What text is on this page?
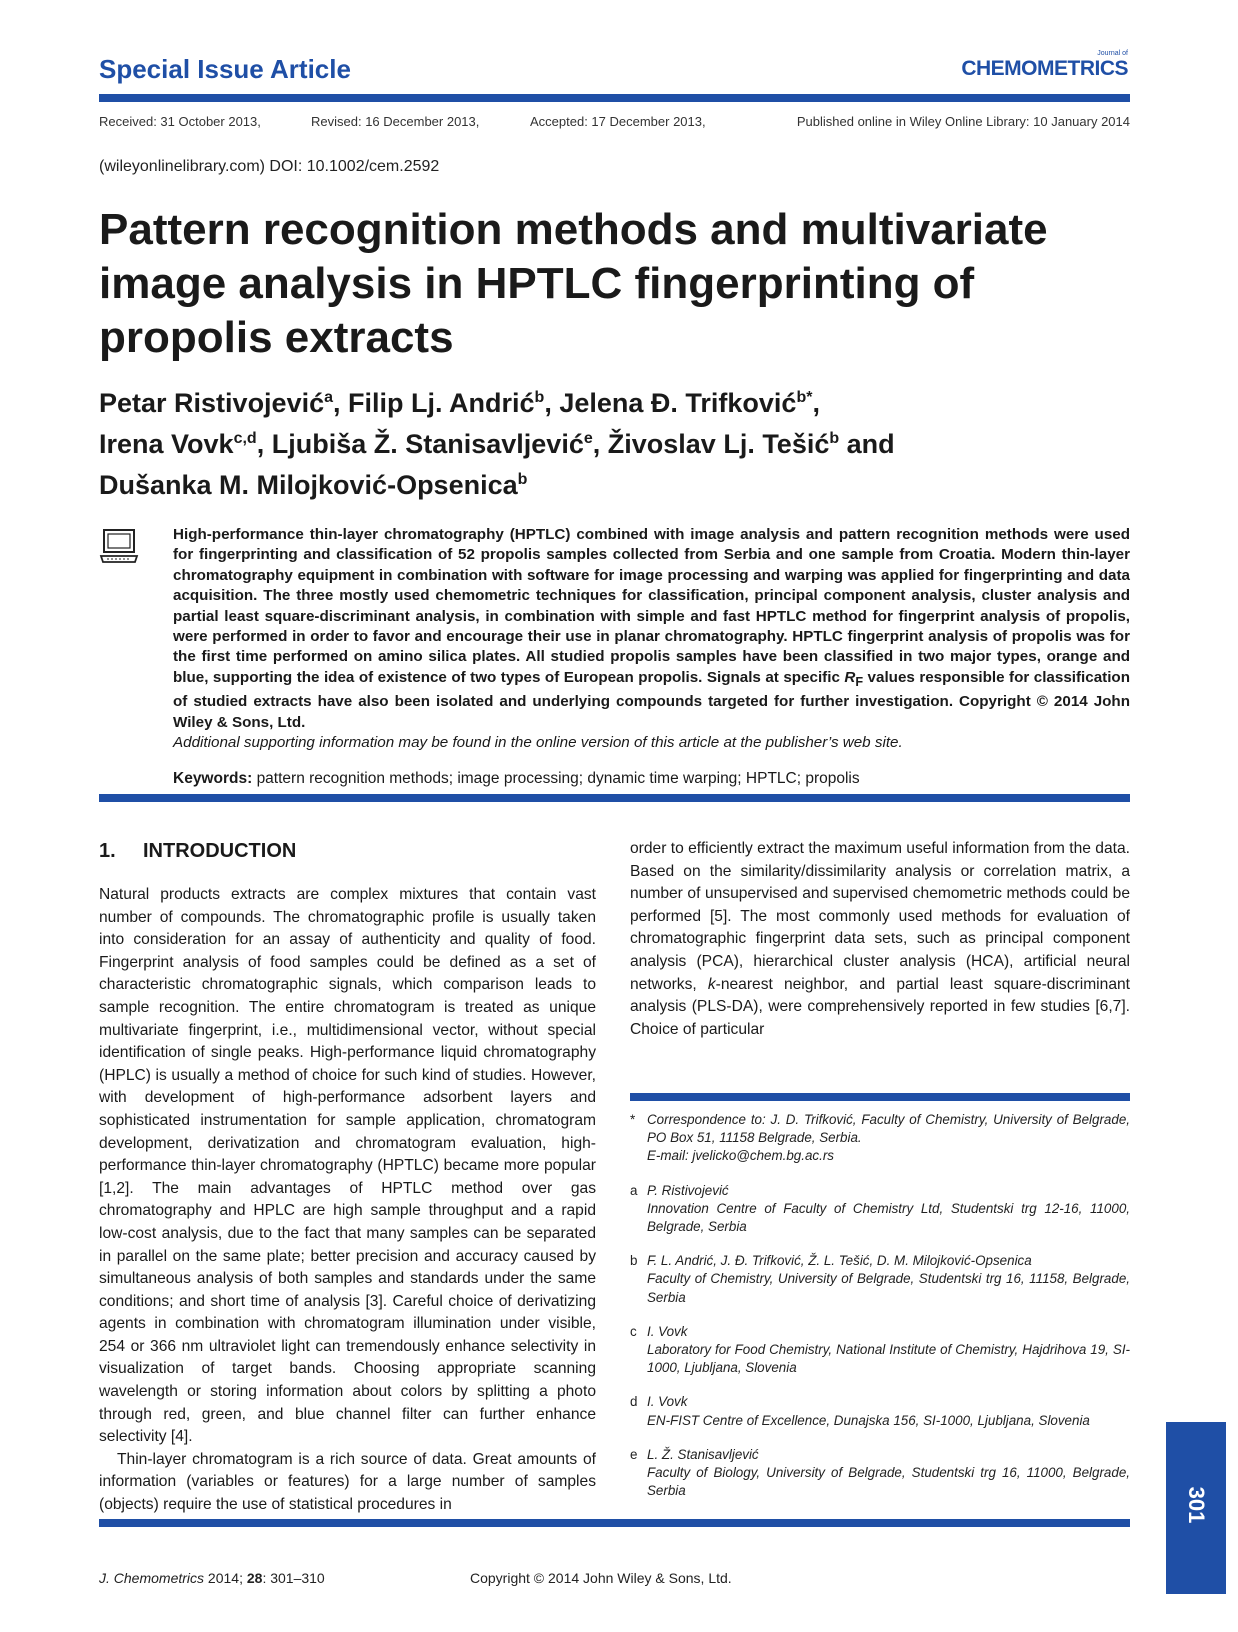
Special Issue Article
Journal of
CHEMOMETRICS
Received: 31 October 2013,	Revised: 16 December 2013,	Accepted: 17 December 2013,	Published online in Wiley Online Library: 10 January 2014
(wileyonlinelibrary.com) DOI: 10.1002/cem.2592
Pattern recognition methods and multivariate image analysis in HPTLC fingerprinting of propolis extracts
Petar Ristivojević$^a$, Filip Lj. Andrić$^b$, Jelena Đ. Trifković$^{b*}$,
Irena Vovk$^{c,d}$, Ljubiša Ž. Stanisavljević$^e$, Živoslav Lj. Tešić$^b$ and
Dušanka M. Milojković-Opsenica$^b$
High-performance thin-layer chromatography (HPTLC) combined with image analysis and pattern recognition methods were used for fingerprinting and classification of 52 propolis samples collected from Serbia and one sample from Croatia. Modern thin-layer chromatography equipment in combination with software for image processing and warping was applied for fingerprinting and data acquisition. The three mostly used chemometric techniques for classification, principal component analysis, cluster analysis and partial least square-discriminant analysis, in combination with simple and fast HPTLC method for fingerprint analysis of propolis, were performed in order to favor and encourage their use in planar chromatography. HPTLC fingerprint analysis of propolis was for the first time performed on amino silica plates. All studied propolis samples have been classified in two major types, orange and blue, supporting the idea of existence of two types of European propolis. Signals at specific $R_F$ values responsible for classification of studied extracts have also been isolated and underlying compounds targeted for further investigation. Copyright © 2014 John Wiley & Sons, Ltd.
Additional supporting information may be found in the online version of this article at the publisher’s web site.
Keywords: pattern recognition methods; image processing; dynamic time warping; HPTLC; propolis
1. INTRODUCTION

Natural products extracts are complex mixtures that contain vast number of compounds. The chromatographic profile is usually taken into consideration for an assay of authenticity and quality of food. Fingerprint analysis of food samples could be defined as a set of characteristic chromatographic signals, which comparison leads to sample recognition. The entire chromatogram is treated as unique multivariate fingerprint, i.e., multidimensional vector, without special identification of single peaks. High-performance liquid chromatography (HPLC) is usually a method of choice for such kind of studies. However, with development of high-performance adsorbent layers and sophisticated instrumentation for sample application, chromatogram development, derivatization and chromatogram evaluation, high-performance thin-layer chromatography (HPTLC) became more popular [1,2]. The main advantages of HPTLC method over gas chromatography and HPLC are high sample throughput and a rapid low-cost analysis, due to the fact that many samples can be separated in parallel on the same plate; better precision and accuracy caused by simultaneous analysis of both samples and standards under the same conditions; and short time of analysis [3]. Careful choice of derivatizing agents in combination with chromatogram illumination under visible, 254 or 366 nm ultraviolet light can tremendously enhance selectivity in visualization of target bands. Choosing appropriate scanning wavelength or storing information about colors by splitting a photo through red, green, and blue channel filter can further enhance selectivity [4].

Thin-layer chromatogram is a rich source of data. Great amounts of information (variables or features) for a large number of samples (objects) require the use of statistical procedures in

order to efficiently extract the maximum useful information from the data. Based on the similarity/dissimilarity analysis or correlation matrix, a number of unsupervised and supervised chemometric methods could be performed [5]. The most commonly used methods for evaluation of chromatographic fingerprint data sets, such as principal component analysis (PCA), hierarchical cluster analysis (HCA), artificial neural networks, k-nearest neighbor, and partial least square-discriminant analysis (PLS-DA), were comprehensively reported in few studies [6,7]. Choice of particular

* Correspondence to: J. D. Trifković, Faculty of Chemistry, University of Belgrade, PO Box 51, 11158 Belgrade, Serbia.
E-mail: jvelicko@chem.bg.ac.rs
a P. Ristivojević
Innovation Centre of Faculty of Chemistry Ltd, Studentski trg 12-16, 11000, Belgrade, Serbia
b F. L. Andrić, J. Đ. Trifković, Ž. L. Tešić, D. M. Milojković-Opsenica
Faculty of Chemistry, University of Belgrade, Studentski trg 16, 11158, Belgrade, Serbia
c I. Vovk
Laboratory for Food Chemistry, National Institute of Chemistry, Hajdrihova 19, SI-1000, Ljubljana, Slovenia
d I. Vovk
EN-FIST Centre of Excellence, Dunajska 156, SI-1000, Ljubljana, Slovenia
e L. Ž. Stanisavljević
Faculty of Biology, University of Belgrade, Studentski trg 16, 11000, Belgrade, Serbia	301
J. Chemometrics 2014; 28: 301–310	Copyright © 2014 John Wiley & Sons, Ltd.
